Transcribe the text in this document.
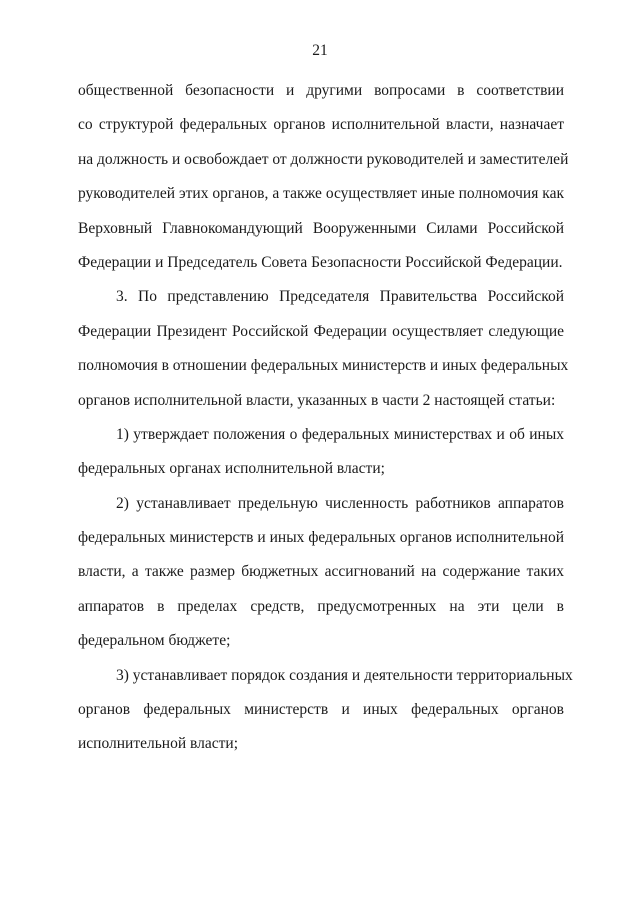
21
общественной безопасности и другими вопросами в соответствии
со структурой федеральных органов исполнительной власти, назначает
на должность и освобождает от должности руководителей и заместителей
руководителей этих органов, а также осуществляет иные полномочия как
Верховный Главнокомандующий Вооруженными Силами Российской
Федерации и Председатель Совета Безопасности Российской Федерации.
3. По представлению Председателя Правительства Российской
Федерации Президент Российской Федерации осуществляет следующие
полномочия в отношении федеральных министерств и иных федеральных
органов исполнительной власти, указанных в части 2 настоящей статьи:
1) утверждает положения о федеральных министерствах и об иных
федеральных органах исполнительной власти;
2) устанавливает предельную численность работников аппаратов
федеральных министерств и иных федеральных органов исполнительной
власти, а также размер бюджетных ассигнований на содержание таких
аппаратов в пределах средств, предусмотренных на эти цели в
федеральном бюджете;
3) устанавливает порядок создания и деятельности территориальных
органов федеральных министерств и иных федеральных органов
исполнительной власти;
